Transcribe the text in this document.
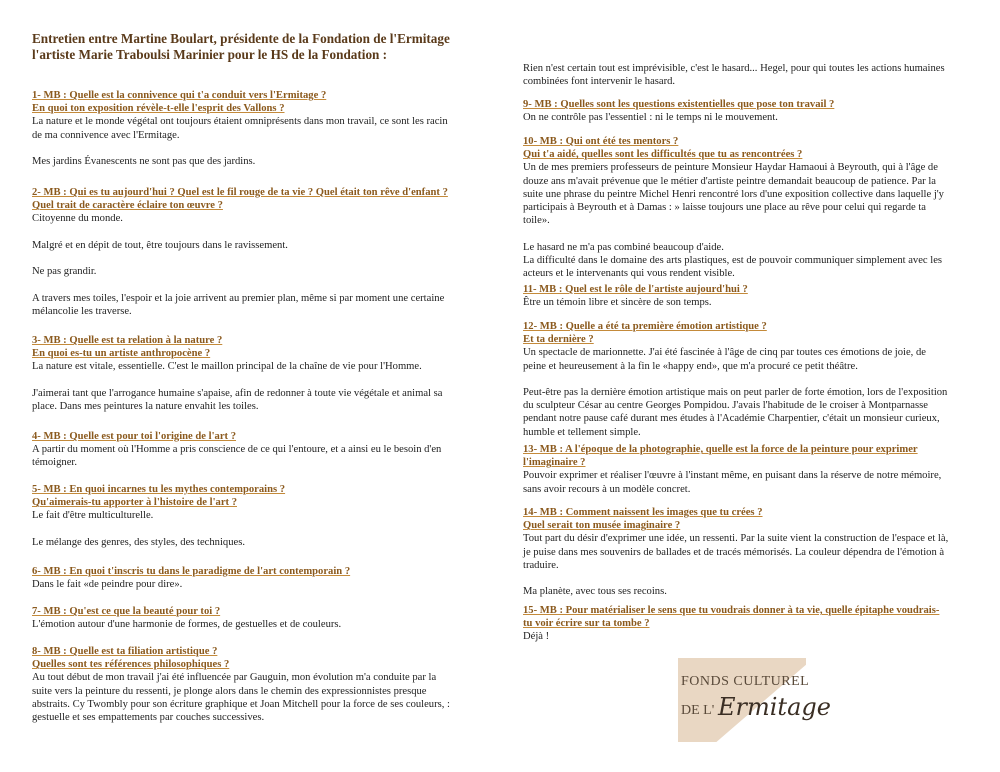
Entretien entre Martine Boulart, présidente de la Fondation de l'Ermitage
l'artiste Marie Traboulsi Marinier pour le HS de la Fondation :

1- MB : Quelle est la connivence qui t'a conduit vers l'Ermitage ?

En quoi ton exposition révèle-t-elle l'esprit des Vallons ?

La nature et le monde végétal ont toujours étaient omniprésents dans mon travail, ce sont les racin

de ma connivence avec l'Ermitage.

Mes jardins Évanescents ne sont pas que des jardins.

2- MB : Qui es tu aujourd'hui ? Quel est le fil rouge de ta vie ? Quel était ton rêve d'enfant ?

Quel trait de caractère éclaire ton œuvre ?

Citoyenne du monde.

Malgré et en dépit de tout, être toujours dans le ravissement.

Ne pas grandir.

A travers mes toiles, l'espoir et la joie arrivent au premier plan, même si par moment une certaine

mélancolie les traverse.

3- MB : Quelle est ta relation à la nature ?

En quoi es-tu un artiste anthropocène ?

La nature est vitale, essentielle. C'est le maillon principal de la chaîne de vie pour l'Homme.

J'aimerai tant que l'arrogance humaine s'apaise, afin de redonner à toute vie végétale et animal sa

place. Dans mes peintures la nature envahit les toiles.

4- MB : Quelle est pour toi l'origine de l'art ?

A partir du moment où l'Homme a pris conscience de ce qui l'entoure, et a ainsi eu le besoin d'en

témoigner.

5- MB : En quoi incarnes tu les mythes contemporains ?

Qu'aimerais-tu apporter à l'histoire de l'art ?

Le fait d'être multiculturelle.

Le mélange des genres, des styles, des techniques.

6- MB : En quoi t'inscris tu dans le paradigme de l'art contemporain ?

Dans le fait «de peindre pour dire».

7- MB : Qu'est ce que la beauté pour toi ?

L'émotion autour d'une harmonie de formes, de gestuelles et de couleurs.

8- MB : Quelle est ta filiation artistique ?

Quelles sont tes références philosophiques ?

Au tout début de mon travail j'ai été influencée par Gauguin, mon évolution m'a conduite par la

suite vers la peinture du ressenti, je plonge alors dans le chemin des expressionnistes presque

abstraits. Cy Twombly pour son écriture graphique et Joan Mitchell pour la force de ses couleurs, :

gestuelle et ses empattements par couches successives.

Rien n'est certain tout est imprévisible, c'est le hasard... Hegel, pour qui toutes les actions humaines

combinées font intervenir le hasard.

9- MB : Quelles sont les questions existentielles que pose ton travail ?

On ne contrôle pas l'essentiel : ni le temps ni le mouvement.

10- MB : Qui ont été tes mentors ?

Qui t'a aidé, quelles sont les difficultés que tu as rencontrées ?

Un de mes premiers professeurs de peinture Monsieur Haydar Hamaoui à Beyrouth, qui à l'âge de

douze ans m'avait prévenue que le métier d'artiste peintre demandait beaucoup de patience. Par la

suite une phrase du peintre Michel Henri rencontré lors d'une exposition collective dans laquelle j'y

participais à Beyrouth et à Damas : » laisse toujours une place au rêve pour celui qui regarde ta

toile».

Le hasard ne m'a pas combiné beaucoup d'aide.

La difficulté dans le domaine des arts plastiques, est de pouvoir communiquer simplement avec les

acteurs et le intervenants qui vous rendent visible.

11- MB : Quel est le rôle de l'artiste aujourd'hui ?

Être un témoin libre et sincère de son temps.

12- MB : Quelle a été ta première émotion artistique ?

Et ta dernière ?

Un spectacle de marionnette. J'ai été fascinée à l'âge de cinq par toutes ces émotions de joie, de

peine et heureusement à la fin le «happy end», que m'a procuré ce petit théâtre.

Peut-être pas la dernière émotion artistique mais on peut parler de forte émotion, lors de l'exposition

du sculpteur César au centre Georges Pompidou. J'avais l'habitude de le croiser à Montparnasse

pendant notre pause café durant mes études à l'Académie Charpentier, c'était un monsieur curieux,

humble et tellement simple.

13- MB : A l'époque de la photographie, quelle est la force de la peinture pour exprimer

l'imaginaire ?

Pouvoir exprimer et réaliser l'œuvre à l'instant même, en puisant dans la réserve de notre mémoire,

sans avoir recours à un modèle concret.

14- MB : Comment naissent les images que tu crées ?

Quel serait ton musée imaginaire ?

Tout part du désir d'exprimer une idée, un ressenti. Par la suite vient la construction de l'espace et là,

je puise dans mes souvenirs de ballades et de tracés mémorisés. La couleur dépendra de l'émotion à

traduire.

Ma planète, avec tous ses recoins.

15- MB : Pour matérialiser le sens que tu voudrais donner à ta vie, quelle épitaphe voudrais-

tu voir écrire sur ta tombe ?

Déjà !

FONDS CULTUREL
DE L' Ermitage
